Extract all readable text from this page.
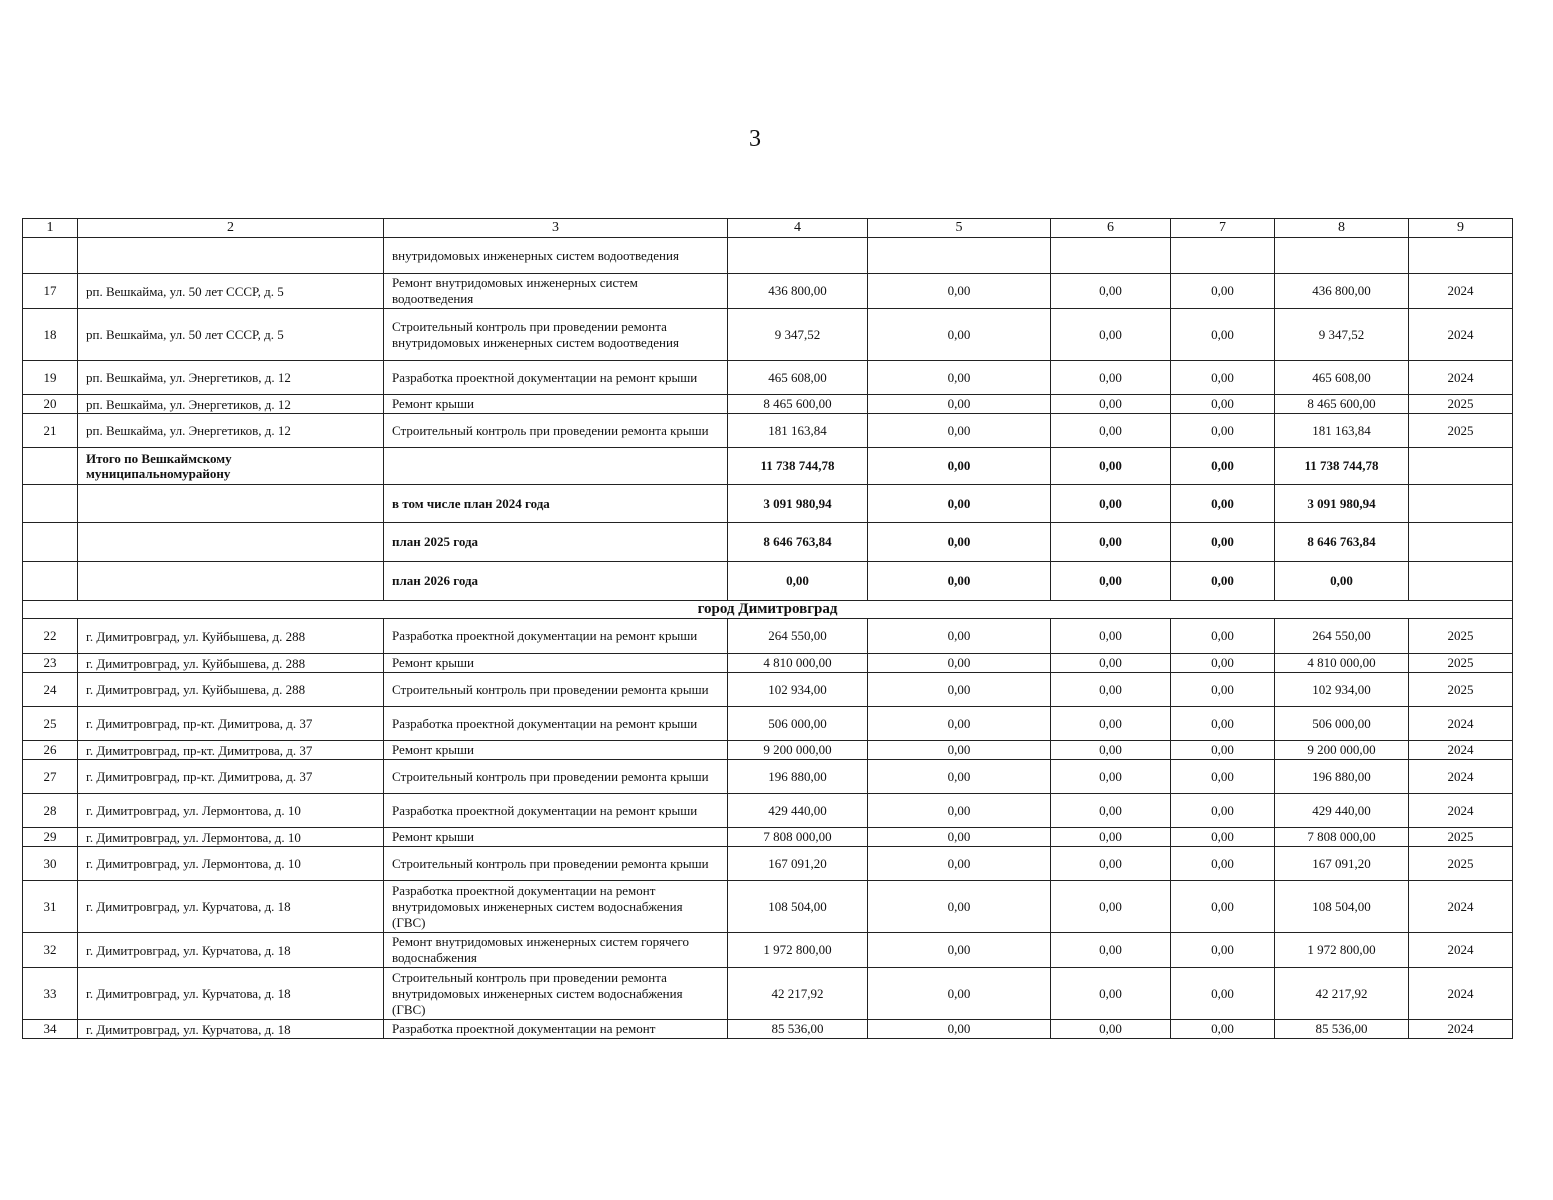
3
1	2	3	4	5	6	7	8	9
		внутридомовых инженерных систем водоотведения						
17	рп. Вешкайма, ул. 50 лет СССР, д. 5	Ремонт внутридомовых инженерных систем водоотведения	436 800,00	0,00	0,00	0,00	436 800,00	2024
18	рп. Вешкайма, ул. 50 лет СССР, д. 5	Строительный контроль при проведении ремонта внутридомовых инженерных систем водоотведения	9 347,52	0,00	0,00	0,00	9 347,52	2024
19	рп. Вешкайма, ул. Энергетиков, д. 12	Разработка проектной документации на ремонт крыши	465 608,00	0,00	0,00	0,00	465 608,00	2024
20	рп. Вешкайма, ул. Энергетиков, д. 12	Ремонт крыши	8 465 600,00	0,00	0,00	0,00	8 465 600,00	2025
21	рп. Вешкайма, ул. Энергетиков, д. 12	Строительный контроль при проведении ремонта крыши	181 163,84	0,00	0,00	0,00	181 163,84	2025
	Итого по Вешкаймскому муниципальномурайону		11 738 744,78	0,00	0,00	0,00	11 738 744,78	
		в том числе план 2024 года	3 091 980,94	0,00	0,00	0,00	3 091 980,94	
		план 2025 года	8 646 763,84	0,00	0,00	0,00	8 646 763,84	
		план 2026 года	0,00	0,00	0,00	0,00	0,00	
город Димитровград								
22	г. Димитровград, ул. Куйбышева, д. 288	Разработка проектной документации на ремонт крыши	264 550,00	0,00	0,00	0,00	264 550,00	2025
23	г. Димитровград, ул. Куйбышева, д. 288	Ремонт крыши	4 810 000,00	0,00	0,00	0,00	4 810 000,00	2025
24	г. Димитровград, ул. Куйбышева, д. 288	Строительный контроль при проведении ремонта крыши	102 934,00	0,00	0,00	0,00	102 934,00	2025
25	г. Димитровград, пр-кт. Димитрова, д. 37	Разработка проектной документации на ремонт крыши	506 000,00	0,00	0,00	0,00	506 000,00	2024
26	г. Димитровград, пр-кт. Димитрова, д. 37	Ремонт крыши	9 200 000,00	0,00	0,00	0,00	9 200 000,00	2024
27	г. Димитровград, пр-кт. Димитрова, д. 37	Строительный контроль при проведении ремонта крыши	196 880,00	0,00	0,00	0,00	196 880,00	2024
28	г. Димитровград, ул. Лермонтова, д. 10	Разработка проектной документации на ремонт крыши	429 440,00	0,00	0,00	0,00	429 440,00	2024
29	г. Димитровград, ул. Лермонтова, д. 10	Ремонт крыши	7 808 000,00	0,00	0,00	0,00	7 808 000,00	2025
30	г. Димитровград, ул. Лермонтова, д. 10	Строительный контроль при проведении ремонта крыши	167 091,20	0,00	0,00	0,00	167 091,20	2025
31	г. Димитровград, ул. Курчатова, д. 18	Разработка проектной документации на ремонт внутридомовых инженерных систем водоснабжения (ГВС)	108 504,00	0,00	0,00	0,00	108 504,00	2024
32	г. Димитровград, ул. Курчатова, д. 18	Ремонт внутридомовых инженерных систем горячего водоснабжения	1 972 800,00	0,00	0,00	0,00	1 972 800,00	2024
33	г. Димитровград, ул. Курчатова, д. 18	Строительный контроль при проведении ремонта внутридомовых инженерных систем водоснабжения (ГВС)	42 217,92	0,00	0,00	0,00	42 217,92	2024
34	г. Димитровград, ул. Курчатова, д. 18	Разработка проектной документации на ремонт	85 536,00	0,00	0,00	0,00	85 536,00	2024
